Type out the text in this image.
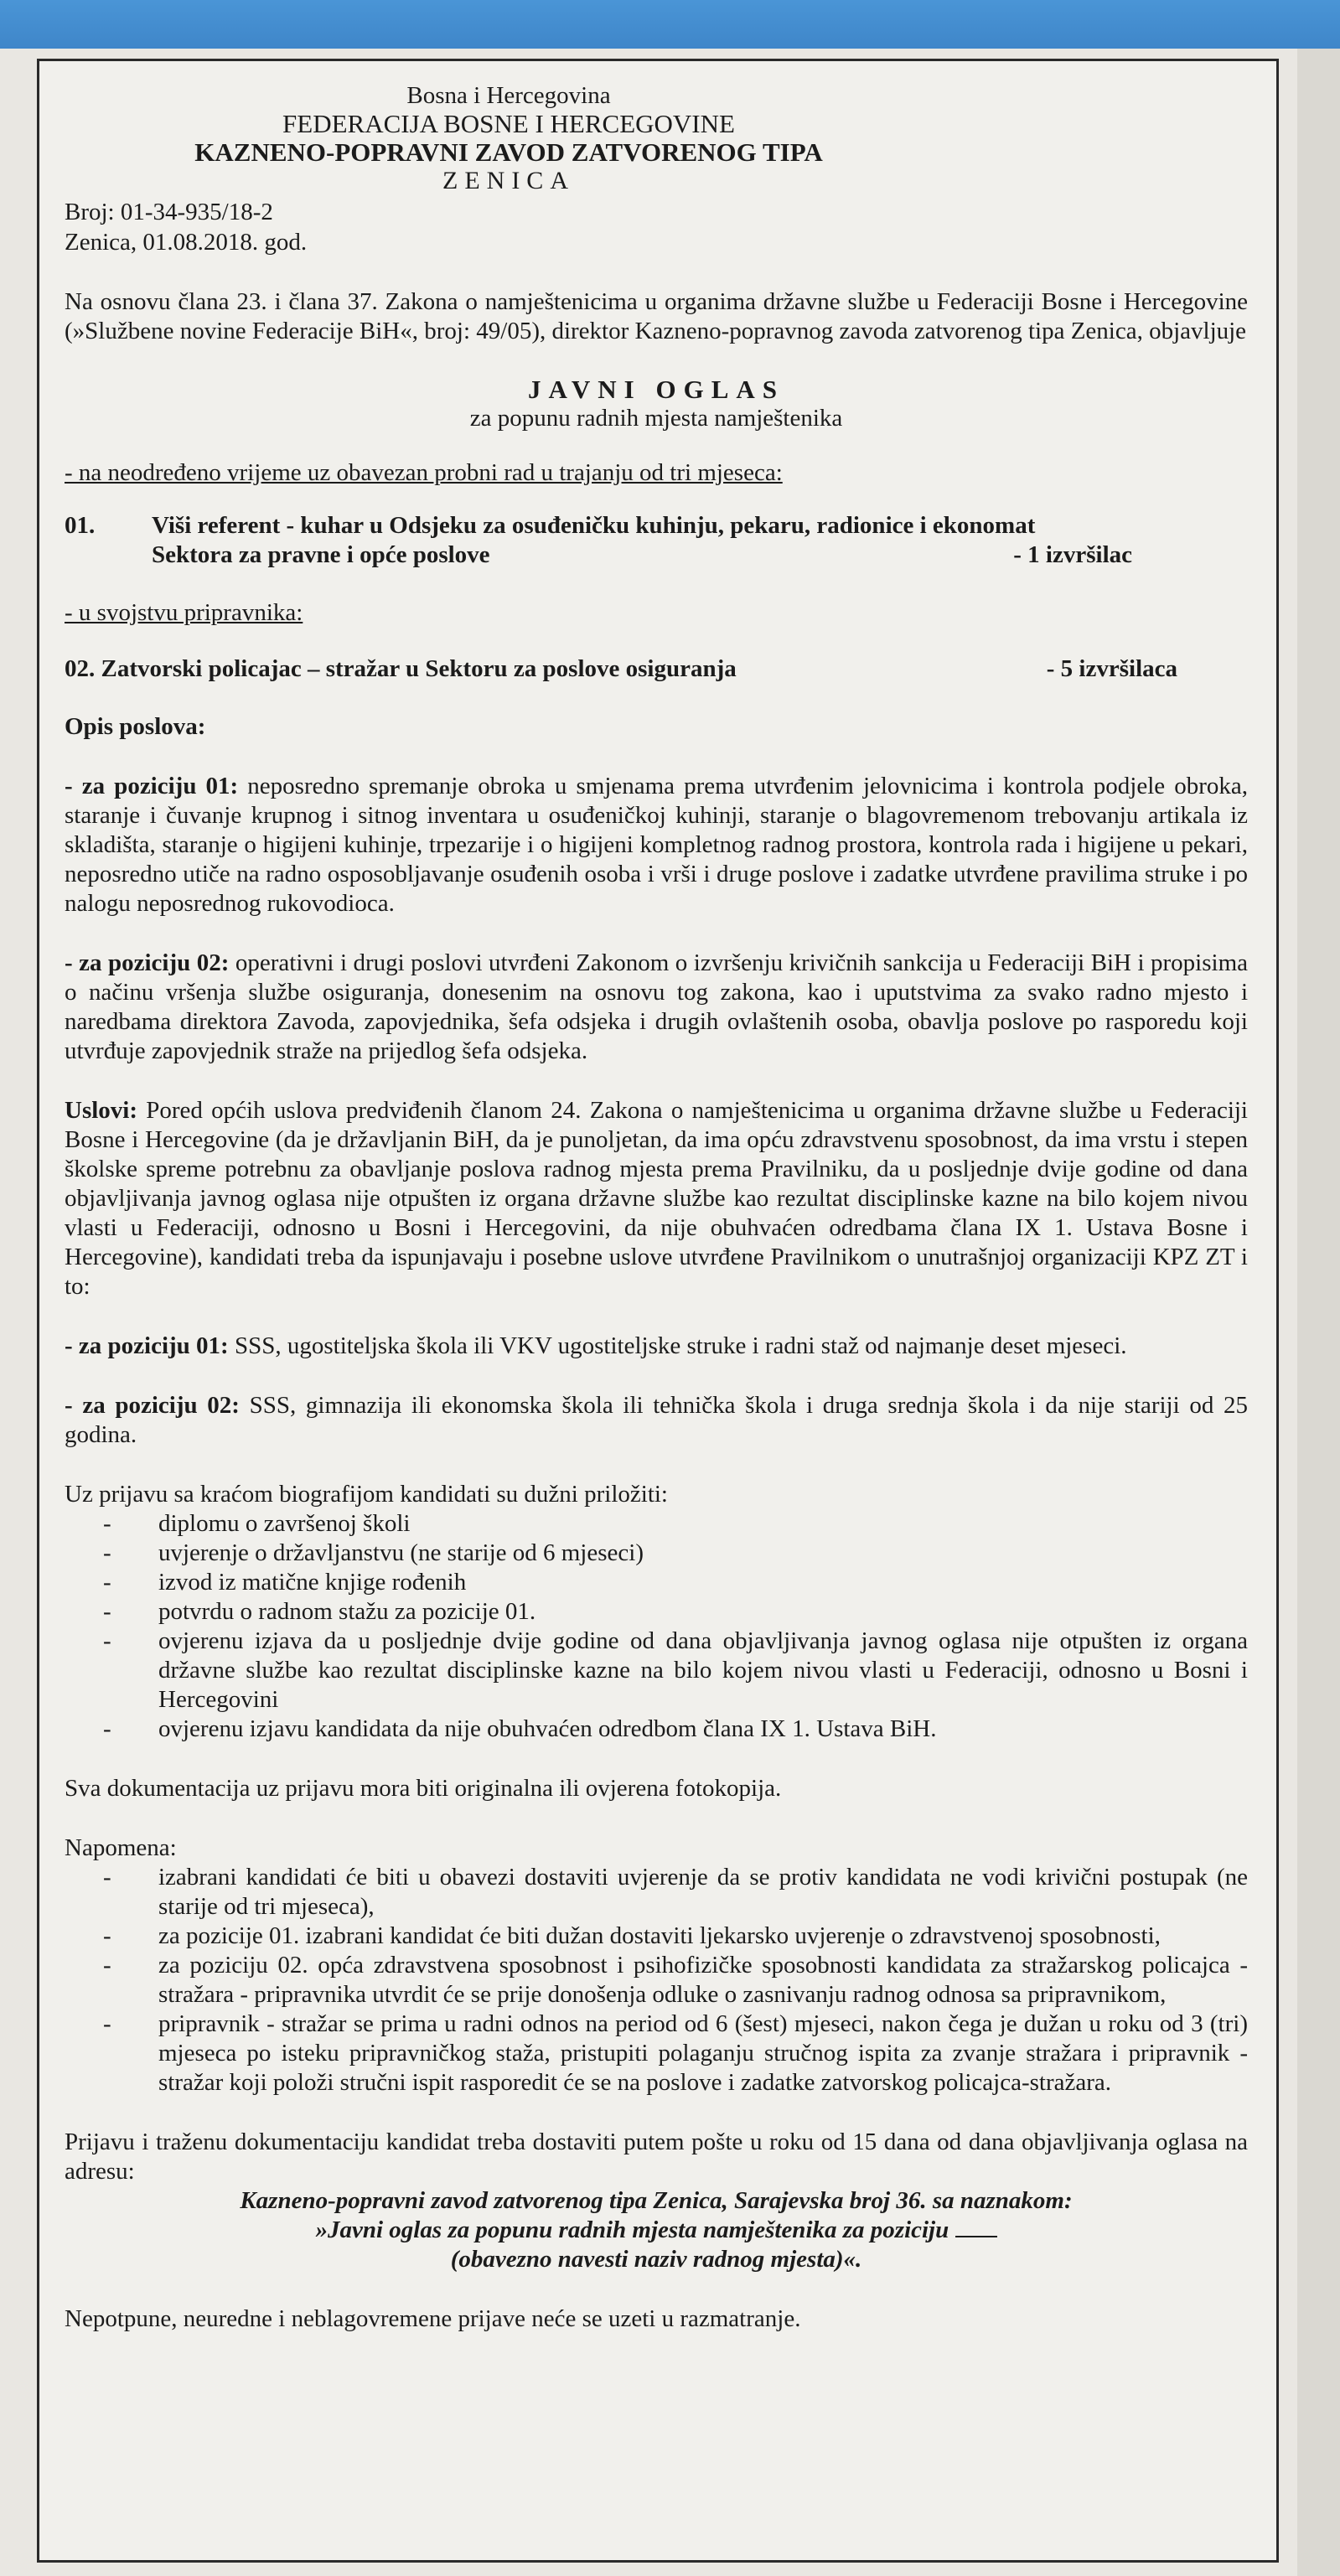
Bosna i Hercegovina
FEDERACIJA BOSNE I HERCEGOVINE
KAZNENO-POPRAVNI ZAVOD ZATVORENOG TIPA
ZENICA
Broj: 01-34-935/18-2
Zenica, 01.08.2018. god.

Na osnovu člana 23. i člana 37. Zakona o namještenicima u organima državne službe u Federaciji Bosne i Hercegovine (»Službene novine Federacije BiH«, broj: 49/05), direktor Kazneno-popravnog zavoda zatvorenog tipa Zenica, objavljuje

JAVNI OGLAS
za popunu radnih mjesta namještenika
- na neodređeno vrijeme uz obavezan probni rad u trajanju od tri mjeseca:
01.	Viši referent - kuhar u Odsjeku za osuđeničku kuhinju, pekaru, radionice i ekonomat
Sektora za pravne i opće poslove	- 1 izvršilac
- u svojstvu pripravnika:
02. Zatvorski policajac – stražar u Sektoru za poslove osiguranja	- 5 izvršilaca
Opis poslova:

- za poziciju 01: neposredno spremanje obroka u smjenama prema utvrđenim jelovnicima i kontrola podjele obroka, staranje i čuvanje krupnog i sitnog inventara u osuđeničkoj kuhinji, staranje o blagovremenom trebovanju artikala iz skladišta, staranje o higijeni kuhinje, trpezarije i o higijeni kompletnog radnog prostora, kontrola rada i higijene u pekari, neposredno utiče na radno osposobljavanje osuđenih osoba i vrši i druge poslove i zadatke utvrđene pravilima struke i po nalogu neposrednog rukovodioca.

- za poziciju 02: operativni i drugi poslovi utvrđeni Zakonom o izvršenju krivičnih sankcija u Federaciji BiH i propisima o načinu vršenja službe osiguranja, donesenim na osnovu tog zakona, kao i uputstvima za svako radno mjesto i naredbama direktora Zavoda, zapovjednika, šefa odsjeka i drugih ovlaštenih osoba, obavlja poslove po rasporedu koji utvrđuje zapovjednik straže na prijedlog šefa odsjeka.

Uslovi: Pored općih uslova predviđenih članom 24. Zakona o namještenicima u organima državne službe u Federaciji Bosne i Hercegovine (da je državljanin BiH, da je punoljetan, da ima opću zdravstvenu sposobnost, da ima vrstu i stepen školske spreme potrebnu za obavljanje poslova radnog mjesta prema Pravilniku, da u posljednje dvije godine od dana objavljivanja javnog oglasa nije otpušten iz organa državne službe kao rezultat disciplinske kazne na bilo kojem nivou vlasti u Federaciji, odnosno u Bosni i Hercegovini, da nije obuhvaćen odredbama člana IX 1. Ustava Bosne i Hercegovine), kandidati treba da ispunjavaju i posebne uslove utvrđene Pravilnikom o unutrašnjoj organizaciji KPZ ZT i to:

- za poziciju 01: SSS, ugostiteljska škola ili VKV ugostiteljske struke i radni staž od najmanje deset mjeseci.

- za poziciju 02: SSS, gimnazija ili ekonomska škola ili tehnička škola i druga srednja škola i da nije stariji od 25 godina.

Uz prijavu sa kraćom biografijom kandidati su dužni priložiti:

- diplomu o završenoj školi
- uvjerenje o državljanstvu (ne starije od 6 mjeseci)
- izvod iz matične knjige rođenih
- potvrdu o radnom stažu za pozicije 01.
- ovjerenu izjava da u posljednje dvije godine od dana objavljivanja javnog oglasa nije otpušten iz organa državne službe kao rezultat disciplinske kazne na bilo kojem nivou vlasti u Federaciji, odnosno u Bosni i Hercegovini
- ovjerenu izjavu kandidata da nije obuhvaćen odredbom člana IX 1. Ustava BiH.

Sva dokumentacija uz prijavu mora biti originalna ili ovjerena fotokopija.

Napomena:

- izabrani kandidati će biti u obavezi dostaviti uvjerenje da se protiv kandidata ne vodi krivični postupak (ne starije od tri mjeseca),
- za pozicije 01. izabrani kandidat će biti dužan dostaviti ljekarsko uvjerenje o zdravstvenoj sposobnosti,
- za poziciju 02. opća zdravstvena sposobnost i psihofizičke sposobnosti kandidata za stražarskog policajca - stražara - pripravnika utvrdit će se prije donošenja odluke o zasnivanju radnog odnosa sa pripravnikom,
- pripravnik - stražar se prima u radni odnos na period od 6 (šest) mjeseci, nakon čega je dužan u roku od 3 (tri) mjeseca po isteku pripravničkog staža, pristupiti polaganju stručnog ispita za zvanje stražara i pripravnik - stražar koji položi stručni ispit rasporedit će se na poslove i zadatke zatvorskog policajca-stražara.

Prijavu i traženu dokumentaciju kandidat treba dostaviti putem pošte u roku od 15 dana od dana objavljivanja oglasa na adresu:

Kazneno-popravni zavod zatvorenog tipa Zenica, Sarajevska broj 36. sa naznakom:
»Javni oglas za popunu radnih mjesta namještenika za poziciju
(obavezno navesti naziv radnog mjesta)«.

Nepotpune, neuredne i neblagovremene prijave neće se uzeti u razmatranje.
